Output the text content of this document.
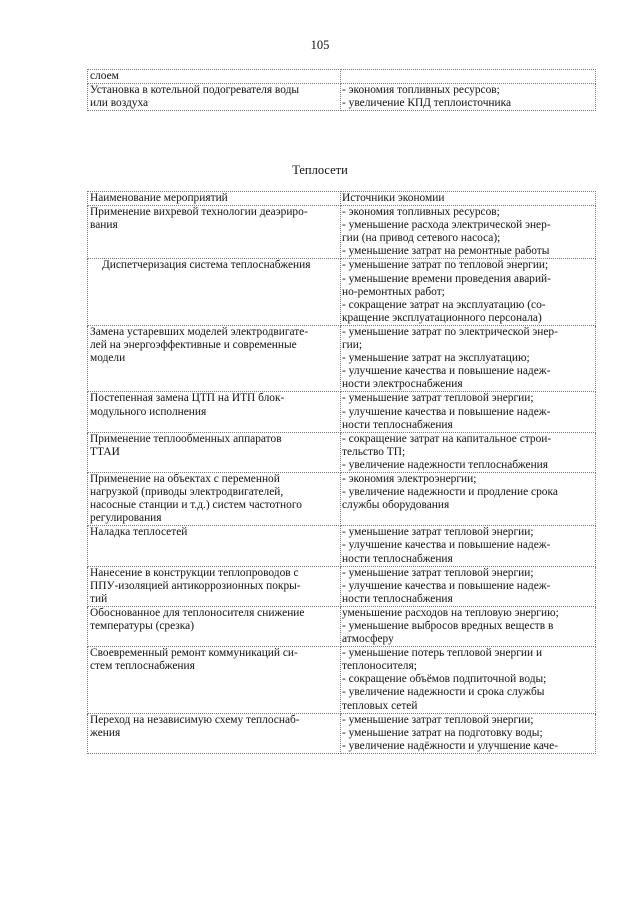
105
слоем	

Установка в котельной подогревателя воды
или воздуха	- экономия топливных ресурсов;
- увеличение КПД теплоисточника
Теплосети
Наименование мероприятий	Источники экономии

Применение вихревой технологии деаэриро-
вания	- экономия топливных ресурсов;
- уменьшение расхода электрической энер-
гии (на привод сетевого насоса);
- уменьшение затрат на ремонтные работы

Диспетчеризация система теплоснабжения	- уменьшение затрат по тепловой энергии;
- уменьшение времени проведения аварий-
но-ремонтных работ;
- сокращение затрат на эксплуатацию (со-
кращение эксплуатационного персонала)

Замена устаревших моделей электродвигате-
лей на энергоэффективные и современные
модели	- уменьшение затрат по электрической энер-
гии;
- уменьшение затрат на эксплуатацию;
- улучшение качества и повышение надеж-
ности электроснабжения

Постепенная замена ЦТП на ИТП блок-
модульного исполнения	- уменьшение затрат тепловой энергии;
- улучшение качества и повышение надеж-
ности теплоснабжения

Применение теплообменных аппаратов
ТТАИ	- сокращение затрат на капитальное строи-
тельство ТП;
- увеличение надежности теплоснабжения

Применение на объектах с переменной
нагрузкой (приводы электродвигателей,
насосные станции и т.д.) систем частотного
регулирования	- экономия электроэнергии;
- увеличение надежности и продление срока
службы оборудования

Наладка теплосетей	- уменьшение затрат тепловой энергии;
- улучшение качества и повышение надеж-
ности теплоснабжения

Нанесение в конструкции теплопроводов с
ППУ-изоляцией антикоррозионных покры-
тий	- уменьшение затрат тепловой энергии;
- улучшение качества и повышение надеж-
ности теплоснабжения

Обоснованное для теплоносителя снижение
температуры (срезка)	уменьшение расходов на тепловую энергию;
- уменьшение выбросов вредных веществ в
атмосферу

Своевременный ремонт коммуникаций си-
стем теплоснабжения	- уменьшение потерь тепловой энергии и
теплоносителя;
- сокращение объёмов подпиточной воды;
- увеличение надежности и срока службы
тепловых сетей

Переход на независимую схему теплоснаб-
жения	- уменьшение затрат тепловой энергии;
- уменьшение затрат на подготовку воды;
- увеличение надёжности и улучшение каче-
